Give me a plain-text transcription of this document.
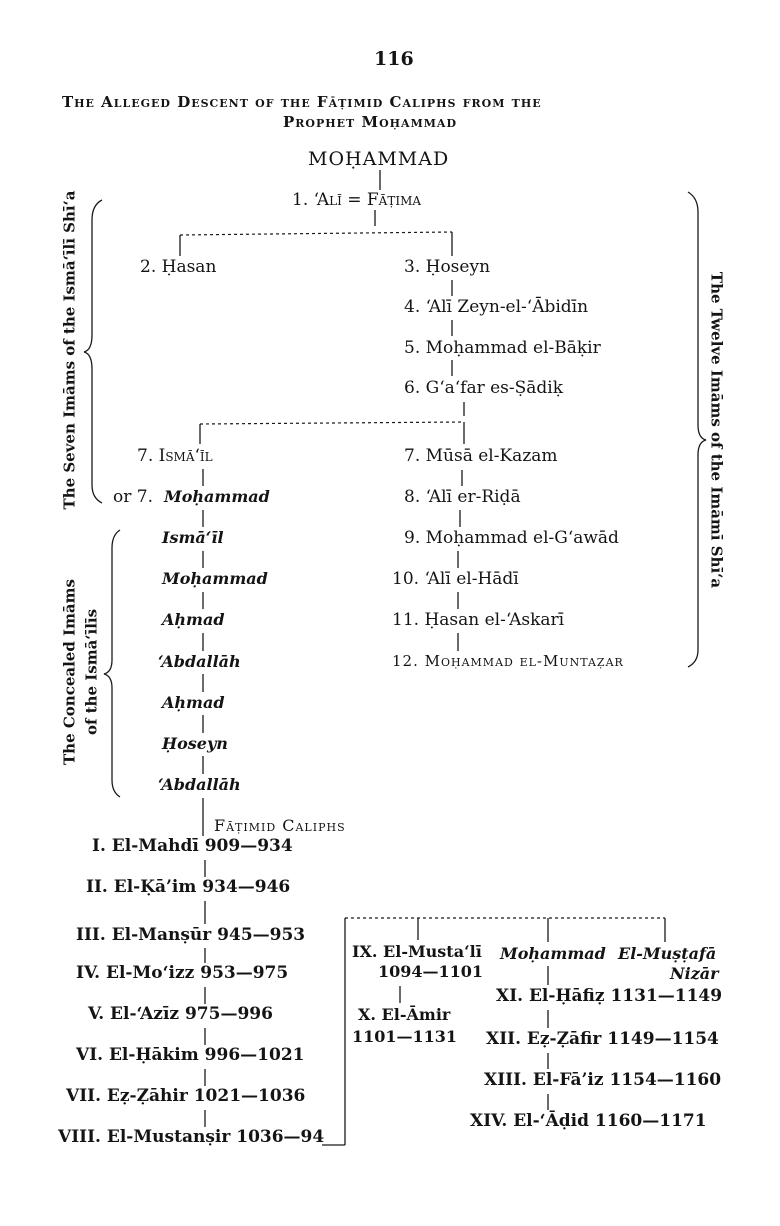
116
The Alleged Descent of the Fāṭimid Caliphs from the
Prophet Moḥammad
MOḤAMMAD
1. ‘Alī = Fāṭima
2. Ḥasan	3. Ḥoseyn
4. ‘Alī Zeyn-el-‘Ābidīn
5. Moḥammad el-Bāḳir
6. G‘a‘far es-Ṣādiḳ
7. Mūsā el-Kazam
8. ‘Alī er-Riḍā
9. Moḥammad el-G‘awād
10. ‘Alī el-Hādī
11. Ḥasan el-‘Askarī
12. Moḥammad el-Muntaẓar
7. Ismā‘īl
or 7. Moḥammad
Ismā‘īl
Moḥammad
Aḥmad
‘Abdallāh
Aḥmad
Ḥoseyn
‘Abdallāh
The Seven Imāms of the Ismā‘īlī Shī‘a	The Twelve Imāms of the Imāmī Shī‘a
The Concealed Imāms of the Ismā‘īlīs
Fāṭimid Caliphs
I. El-Mahdī 909—934
II. El-Ḳā’im 934—946
III. El-Manṣūr 945—953
IV. El-Mo‘izz 953—975
V. El-‘Azīz 975—996
VI. El-Ḥākim 996—1021
VII. Eẓ-Ẓāhir 1021—1036
VIII. El-Mustanṣir 1036—94
IX. El-Musta‘lī
1094—1101
X. El-Āmir
1101—1131
Moḥammad El-Muṣṭafā
Nizār
XI. El-Ḥāfiẓ 1131—1149
XII. Eẓ-Ẓāfir 1149—1154
XIII. El-Fā’iz 1154—1160
XIV. El-‘Āḍid 1160—1171
